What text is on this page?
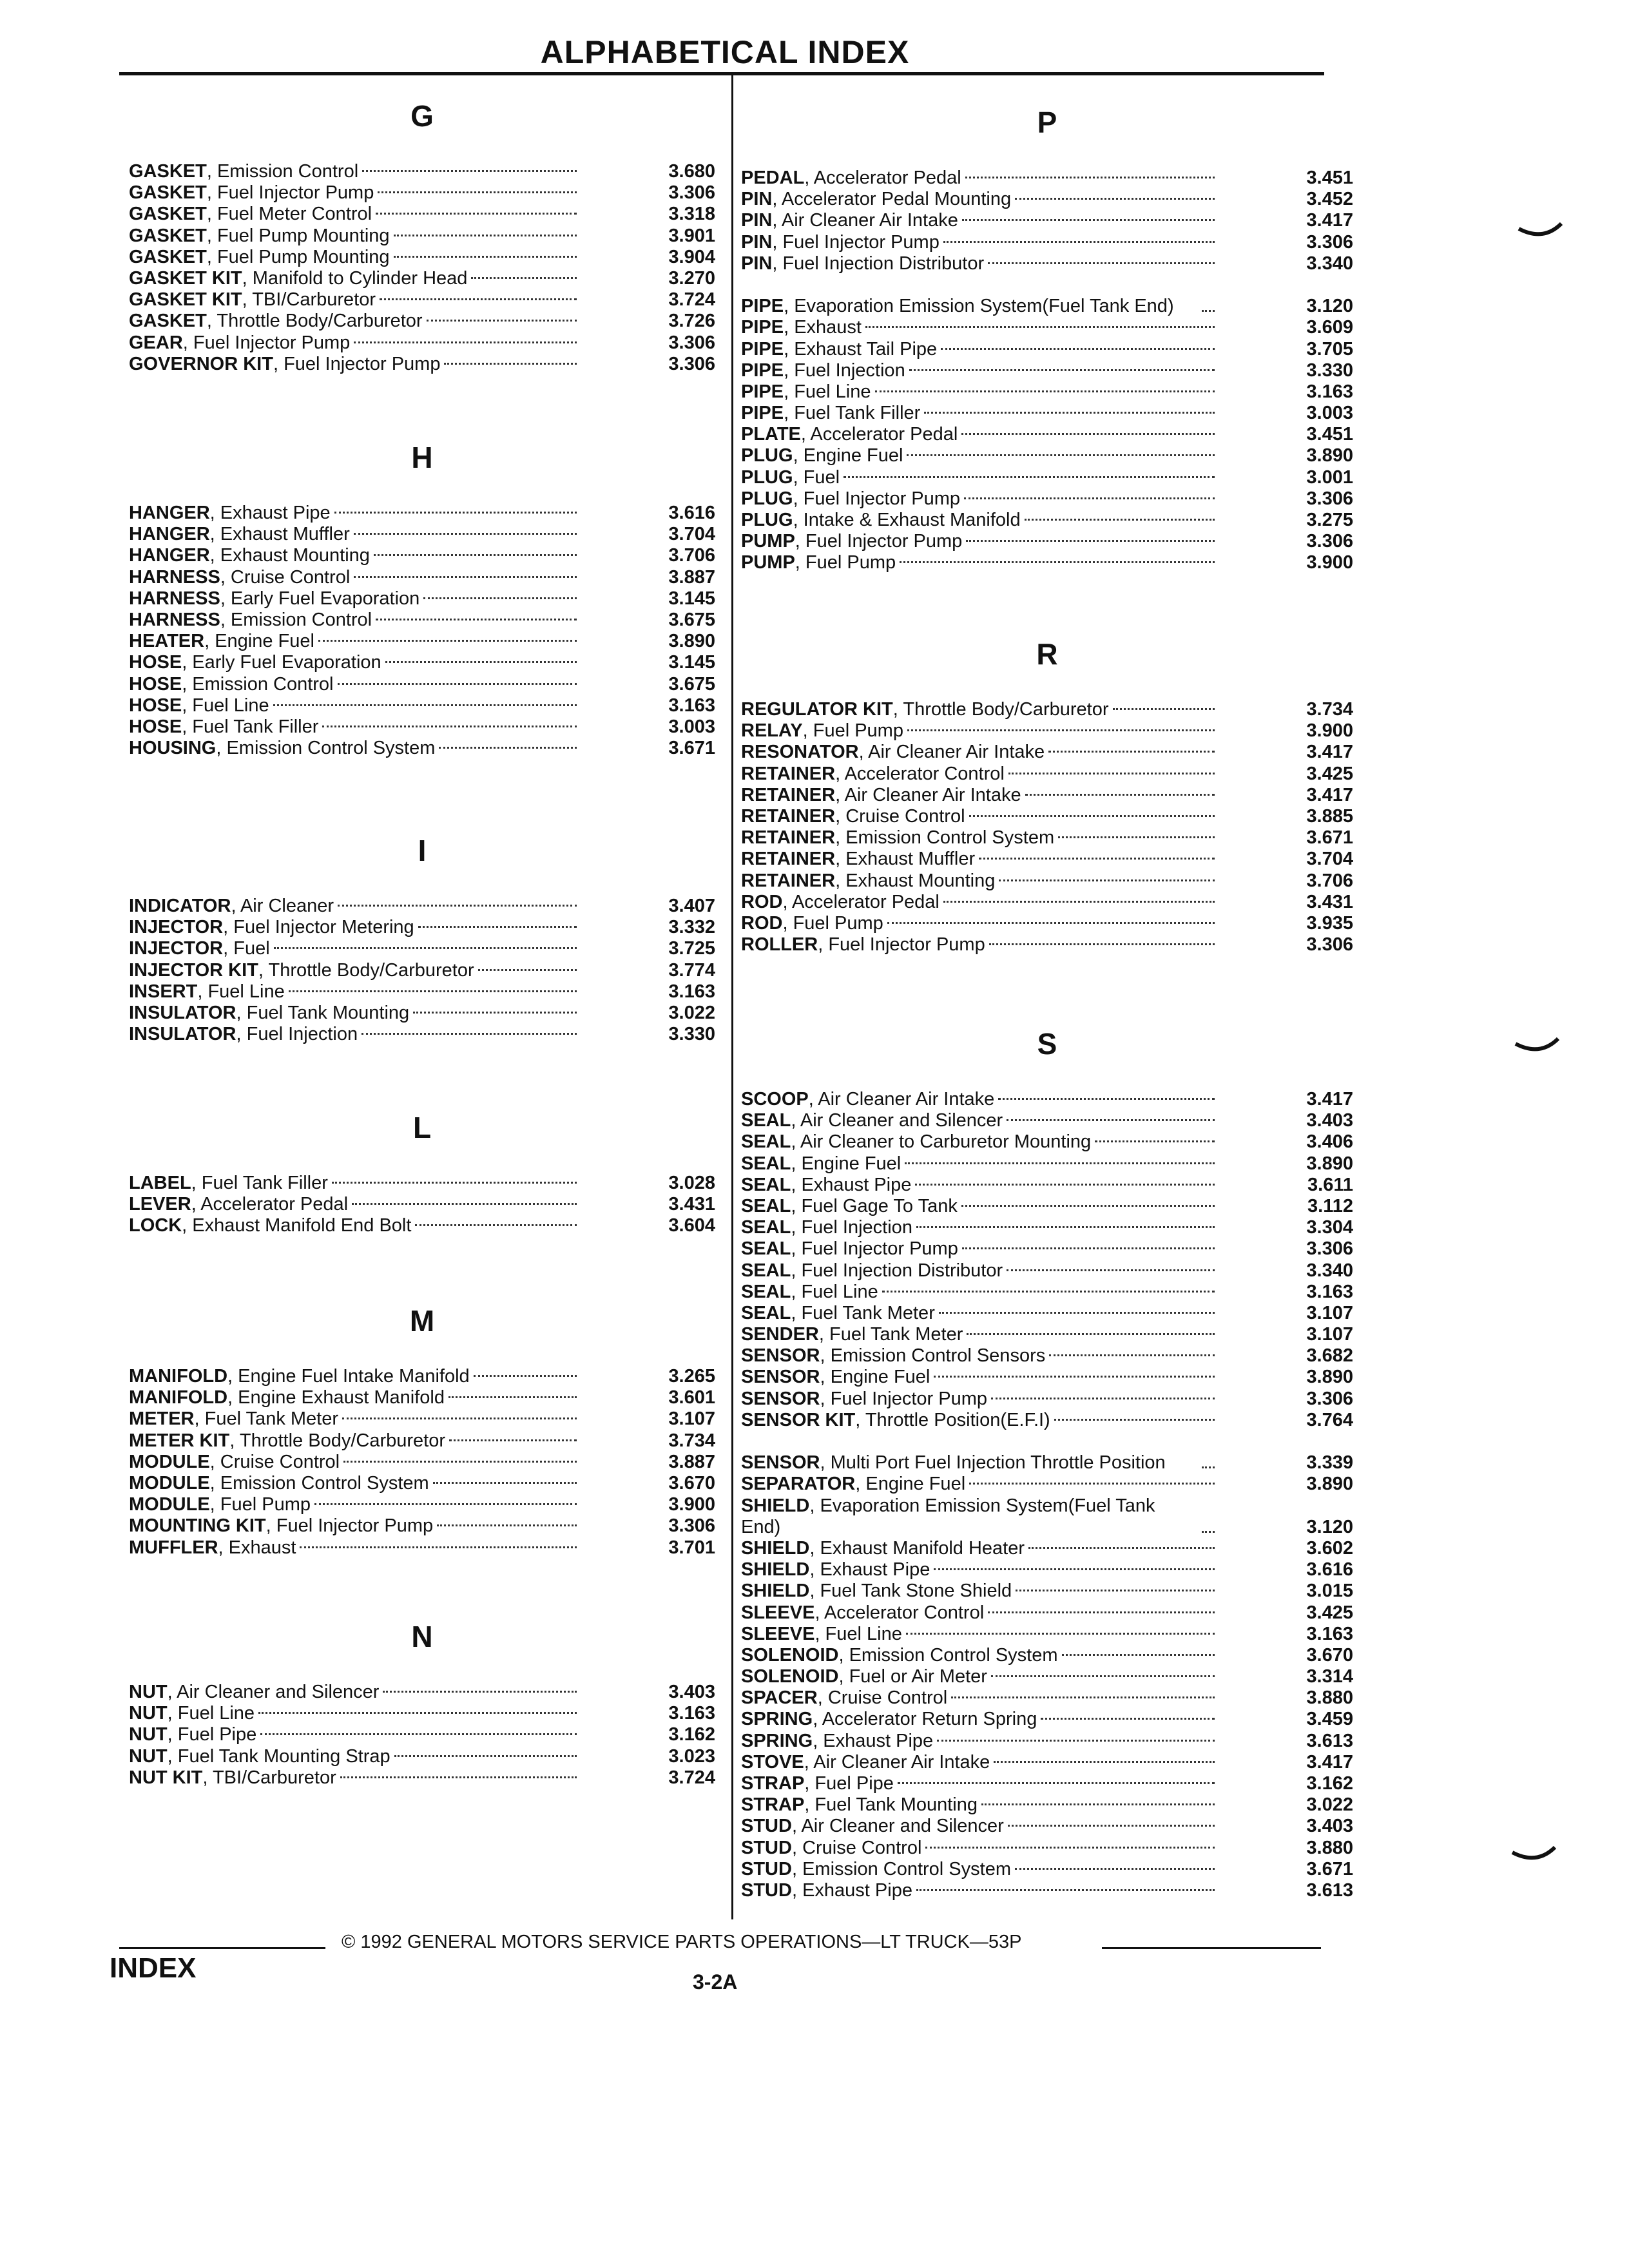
ALPHABETICAL INDEX
G
GASKET, Emission Control	3.680
GASKET, Fuel Injector Pump	3.306
GASKET, Fuel Meter Control	3.318
GASKET, Fuel Pump Mounting	3.901
GASKET, Fuel Pump Mounting	3.904
GASKET KIT, Manifold to Cylinder Head	3.270
GASKET KIT, TBI/Carburetor	3.724
GASKET, Throttle Body/Carburetor	3.726
GEAR, Fuel Injector Pump	3.306
GOVERNOR KIT, Fuel Injector Pump	3.306
H
HANGER, Exhaust Pipe	3.616
HANGER, Exhaust Muffler	3.704
HANGER, Exhaust Mounting	3.706
HARNESS, Cruise Control	3.887
HARNESS, Early Fuel Evaporation	3.145
HARNESS, Emission Control	3.675
HEATER, Engine Fuel	3.890
HOSE, Early Fuel Evaporation	3.145
HOSE, Emission Control	3.675
HOSE, Fuel Line	3.163
HOSE, Fuel Tank Filler	3.003
HOUSING, Emission Control System	3.671
I
INDICATOR, Air Cleaner	3.407
INJECTOR, Fuel Injector Metering	3.332
INJECTOR, Fuel	3.725
INJECTOR KIT, Throttle Body/Carburetor	3.774
INSERT, Fuel Line	3.163
INSULATOR, Fuel Tank Mounting	3.022
INSULATOR, Fuel Injection	3.330
L
LABEL, Fuel Tank Filler	3.028
LEVER, Accelerator Pedal	3.431
LOCK, Exhaust Manifold End Bolt	3.604
M
MANIFOLD, Engine Fuel Intake Manifold	3.265
MANIFOLD, Engine Exhaust Manifold	3.601
METER, Fuel Tank Meter	3.107
METER KIT, Throttle Body/Carburetor	3.734
MODULE, Cruise Control	3.887
MODULE, Emission Control System	3.670
MODULE, Fuel Pump	3.900
MOUNTING KIT, Fuel Injector Pump	3.306
MUFFLER, Exhaust	3.701
N
NUT, Air Cleaner and Silencer	3.403
NUT, Fuel Line	3.163
NUT, Fuel Pipe	3.162
NUT, Fuel Tank Mounting Strap	3.023
NUT KIT, TBI/Carburetor	3.724
P
PEDAL, Accelerator Pedal	3.451
PIN, Accelerator Pedal Mounting	3.452
PIN, Air Cleaner Air Intake	3.417
PIN, Fuel Injector Pump	3.306
PIN, Fuel Injection Distributor	3.340
PIPE, Evaporation Emission System(Fuel Tank End)	3.120
PIPE, Exhaust	3.609
PIPE, Exhaust Tail Pipe	3.705
PIPE, Fuel Injection	3.330
PIPE, Fuel Line	3.163
PIPE, Fuel Tank Filler	3.003
PLATE, Accelerator Pedal	3.451
PLUG, Engine Fuel	3.890
PLUG, Fuel	3.001
PLUG, Fuel Injector Pump	3.306
PLUG, Intake & Exhaust Manifold	3.275
PUMP, Fuel Injector Pump	3.306
PUMP, Fuel Pump	3.900
R
REGULATOR KIT, Throttle Body/Carburetor	3.734
RELAY, Fuel Pump	3.900
RESONATOR, Air Cleaner Air Intake	3.417
RETAINER, Accelerator Control	3.425
RETAINER, Air Cleaner Air Intake	3.417
RETAINER, Cruise Control	3.885
RETAINER, Emission Control System	3.671
RETAINER, Exhaust Muffler	3.704
RETAINER, Exhaust Mounting	3.706
ROD, Accelerator Pedal	3.431
ROD, Fuel Pump	3.935
ROLLER, Fuel Injector Pump	3.306
S
SCOOP, Air Cleaner Air Intake	3.417
SEAL, Air Cleaner and Silencer	3.403
SEAL, Air Cleaner to Carburetor Mounting	3.406
SEAL, Engine Fuel	3.890
SEAL, Exhaust Pipe	3.611
SEAL, Fuel Gage To Tank	3.112
SEAL, Fuel Injection	3.304
SEAL, Fuel Injector Pump	3.306
SEAL, Fuel Injection Distributor	3.340
SEAL, Fuel Line	3.163
SEAL, Fuel Tank Meter	3.107
SENDER, Fuel Tank Meter	3.107
SENSOR, Emission Control Sensors	3.682
SENSOR, Engine Fuel	3.890
SENSOR, Fuel Injector Pump	3.306
SENSOR KIT, Throttle Position(E.F.I)	3.764
SENSOR, Multi Port Fuel Injection Throttle Position	3.339
SEPARATOR, Engine Fuel	3.890
SHIELD, Evaporation Emission System(Fuel Tank End)	3.120
SHIELD, Exhaust Manifold Heater	3.602
SHIELD, Exhaust Pipe	3.616
SHIELD, Fuel Tank Stone Shield	3.015
SLEEVE, Accelerator Control	3.425
SLEEVE, Fuel Line	3.163
SOLENOID, Emission Control System	3.670
SOLENOID, Fuel or Air Meter	3.314
SPACER, Cruise Control	3.880
SPRING, Accelerator Return Spring	3.459
SPRING, Exhaust Pipe	3.613
STOVE, Air Cleaner Air Intake	3.417
STRAP, Fuel Pipe	3.162
STRAP, Fuel Tank Mounting	3.022
STUD, Air Cleaner and Silencer	3.403
STUD, Cruise Control	3.880
STUD, Emission Control System	3.671
STUD, Exhaust Pipe	3.613
© 1992 GENERAL MOTORS SERVICE PARTS OPERATIONS—LT TRUCK—53P
INDEX	3-2A
